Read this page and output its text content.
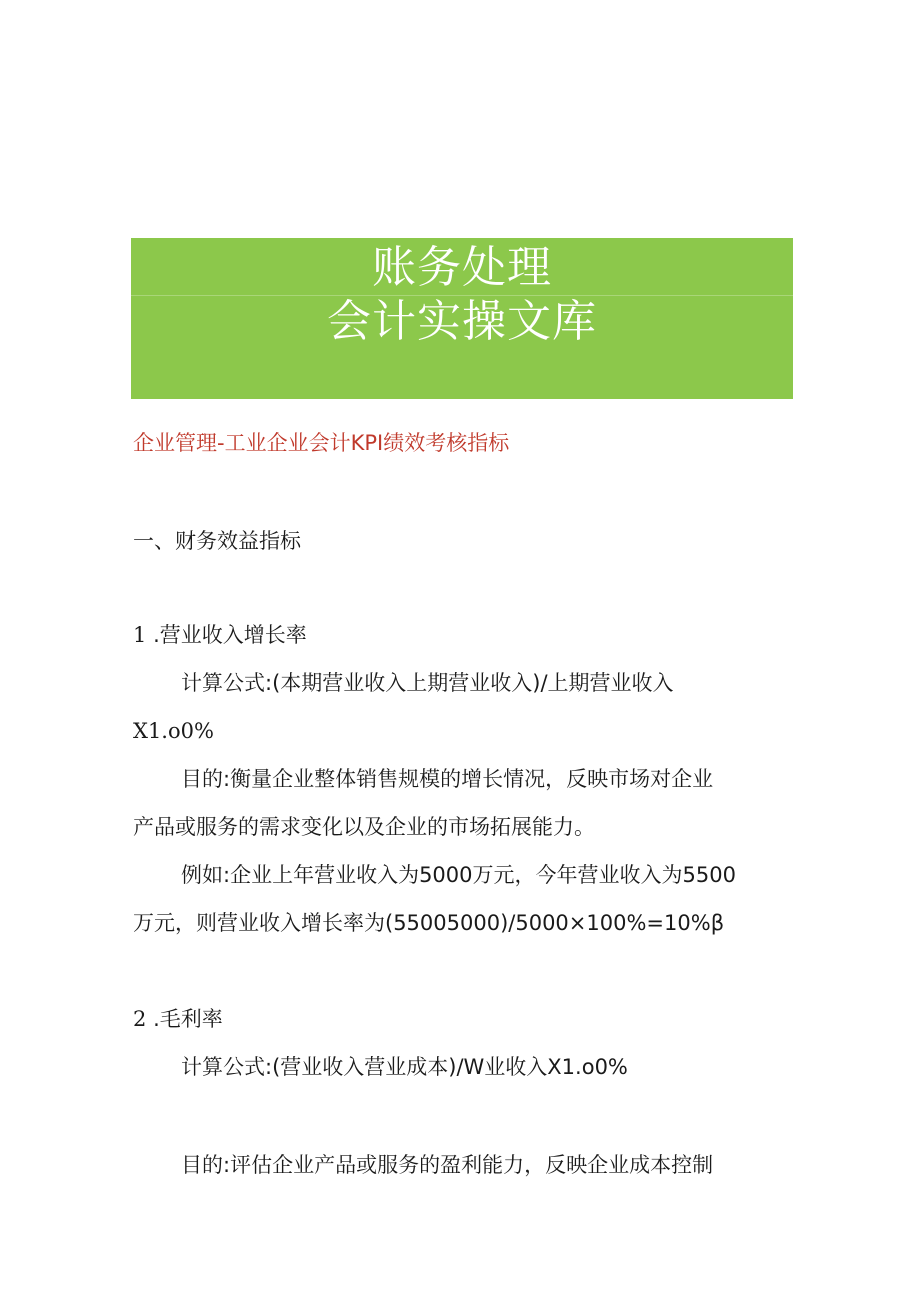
账务处理
会计实操文库
企业管理-工业企业会计KPI绩效考核指标
一、财务效益指标
1 .营业收入增长率
计算公式:(本期营业收入上期营业收入)/上期营业收入
X1.o0%
目的:衡量企业整体销售规模的增长情况，反映市场对企业
产品或服务的需求变化以及企业的市场拓展能力。
例如:企业上年营业收入为5000万元，今年营业收入为5500
万元，则营业收入增长率为(55005000)/5000×100%=10%β
2 .毛利率
计算公式:(营业收入营业成本)/W业收入X1.o0%
目的:评估企业产品或服务的盈利能力，反映企业成本控制
